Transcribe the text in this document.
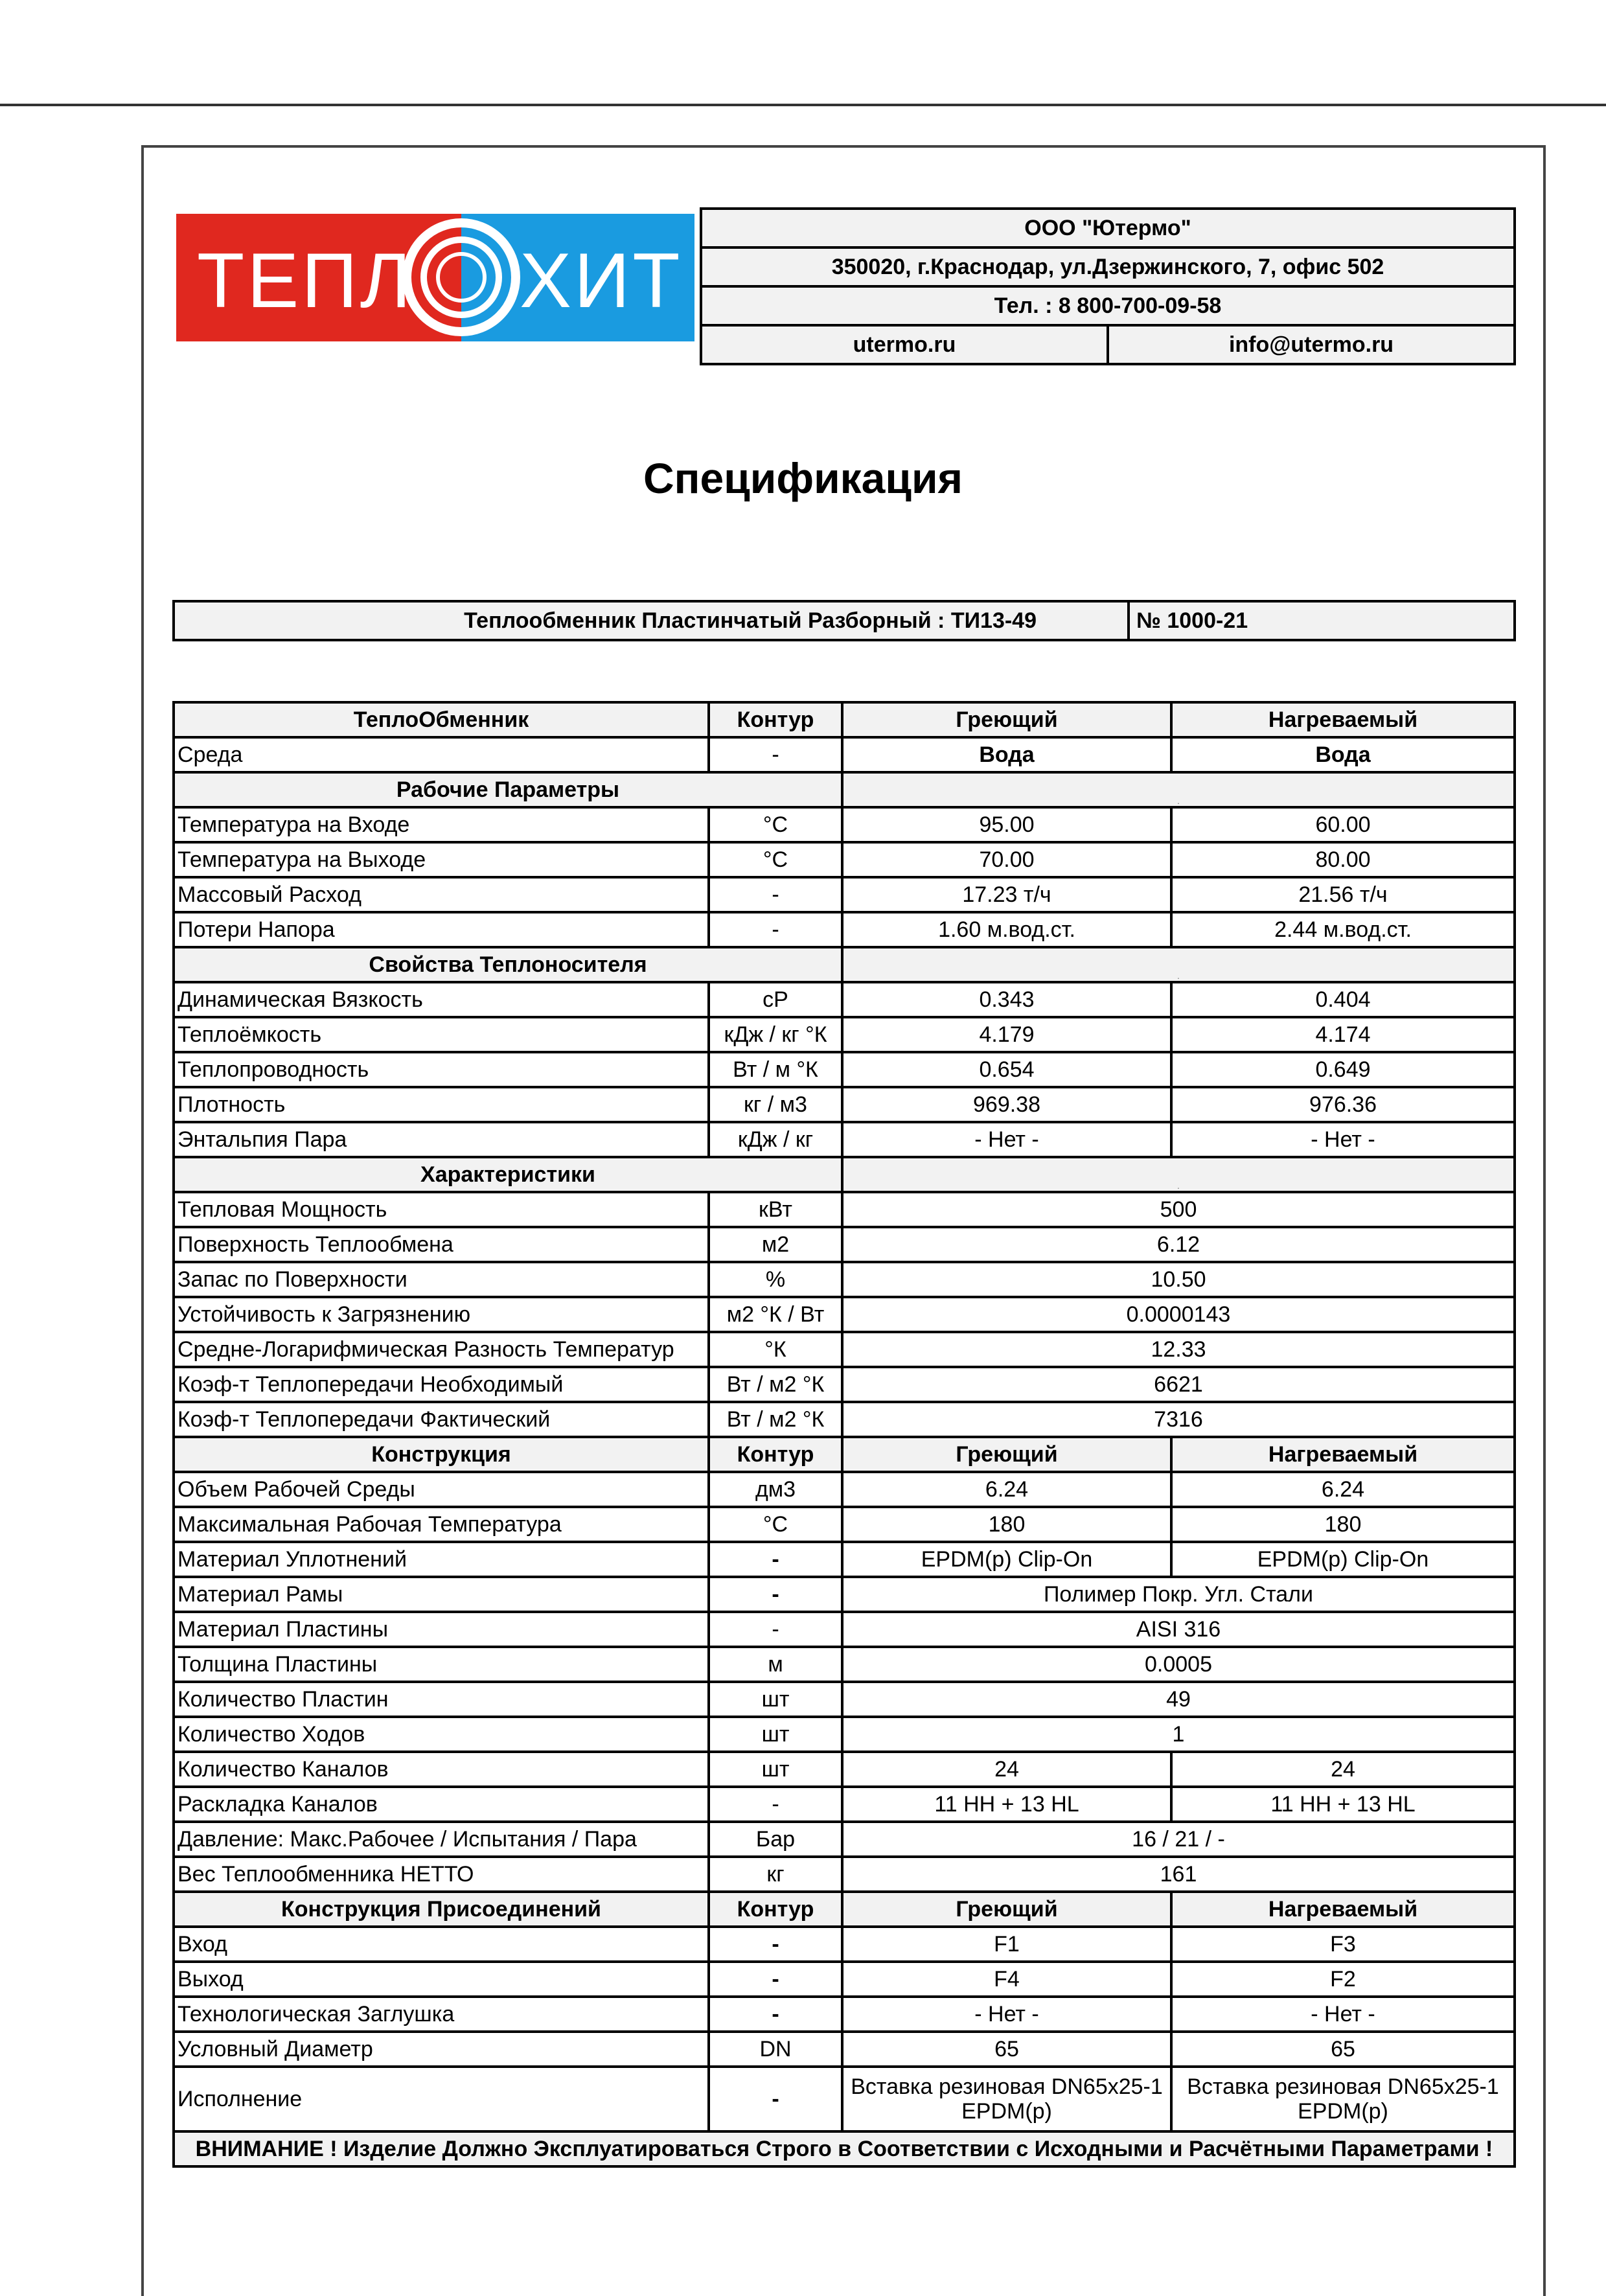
ТЕПЛ ХИТ
ООО "Ютермо"
350020, г.Краснодар, ул.Дзержинского, 7, офис 502
Тел. : 8 800-700-09-58
utermo.ru	info@utermo.ru
Спецификация
Теплообменник Пластинчатый Разборный : ТИ13-49	№ 1000-21
ТеплоОбменник	Контур	Греющий	Нагреваемый
Среда	-	Вода	Вода
Рабочие Параметры		.	
Температура на Входе	°С	95.00	60.00
Температура на Выходе	°С	70.00	80.00
Массовый Расход	-	17.23 т/ч	21.56 т/ч
Потери Напора	-	1.60 м.вод.ст.	2.44 м.вод.ст.
Свойства Теплоносителя		.	
Динамическая Вязкость	cP	0.343	0.404
Теплоёмкость	кДж / кг °К	4.179	4.174
Теплопроводность	Вт / м °К	0.654	0.649
Плотность	кг / м3	969.38	976.36
Энтальпия Пара	кДж / кг	- Нет -	- Нет -
Характеристики		.	
Тепловая Мощность	кВт	500	
Поверхность Теплообмена	м2	6.12	
Запас по Поверхности	%	10.50	
Устойчивость к Загрязнению	м2 °К / Вт	0.0000143	
Средне-Логарифмическая Разность Температур	°К	12.33	
Коэф-т Теплопередачи Необходимый	Вт / м2 °К	6621	
Коэф-т Теплопередачи Фактический	Вт / м2 °К	7316	
Конструкция	Контур	Греющий	Нагреваемый
Объем Рабочей Среды	дм3	6.24	6.24
Максимальная Рабочая Температура	°С	180	180
Материал Уплотнений	-	EPDM(p) Clip-On	EPDM(p) Clip-On
Материал Рамы	-	Полимер Покр. Угл. Стали	
Материал Пластины	-	AISI 316	
Толщина Пластины	м	0.0005	
Количество Пластин	шт	49	
Количество Ходов	шт	1	
Количество Каналов	шт	24	24
Раскладка Каналов	-	11 HH + 13 HL	11 HH + 13 HL
Давление: Макс.Рабочее / Испытания / Пара	Бар	16 / 21 / -	
Вес Теплообменника НЕТТО	кг	161	
Конструкция Присоединений	Контур	Греющий	Нагреваемый
Вход	-	F1	F3
Выход	-	F4	F2
Технологическая Заглушка	-	- Нет -	- Нет -
Условный Диаметр	DN	65	65
Исполнение	-	Вставка резиновая DN65x25-1 EPDM(p)	Вставка резиновая DN65x25-1 EPDM(p)
ВНИМАНИЕ ! Изделие Должно Эксплуатироваться Строго в Соответствии с Исходными и Расчётными Параметрами !			
